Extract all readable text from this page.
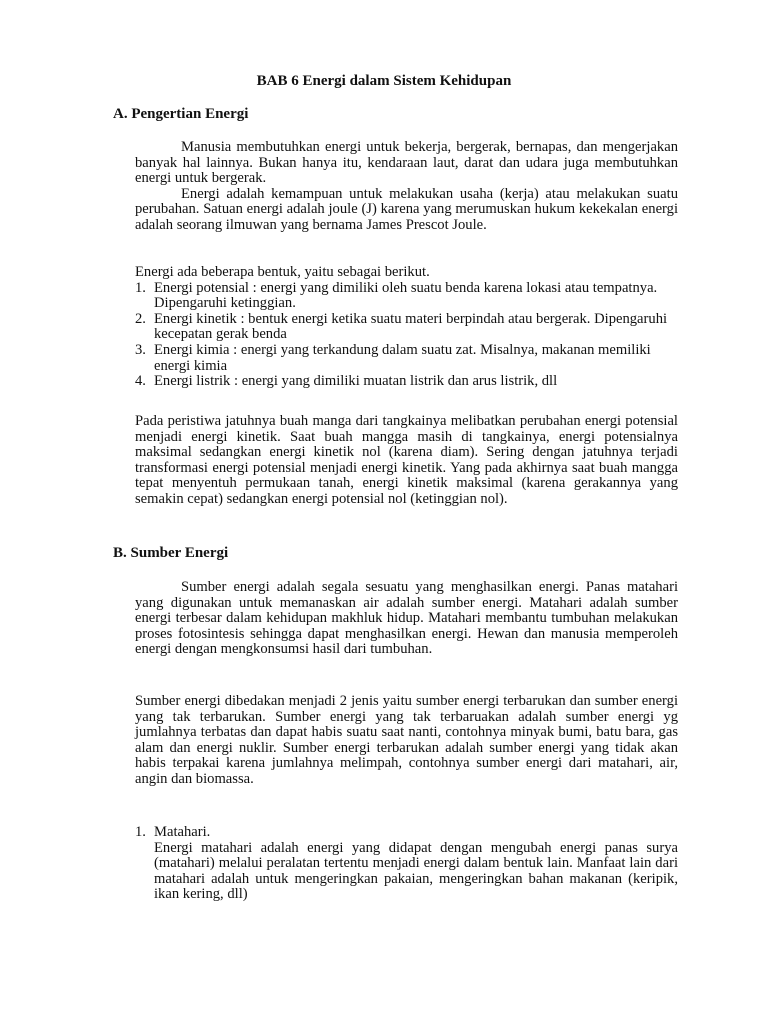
BAB 6 Energi dalam Sistem Kehidupan
A. Pengertian Energi

Manusia membutuhkan energi untuk bekerja, bergerak, bernapas, dan mengerjakan banyak hal lainnya. Bukan hanya itu, kendaraan laut, darat dan udara juga membutuhkan energi untuk bergerak.

Energi adalah kemampuan untuk melakukan usaha (kerja) atau melakukan suatu perubahan. Satuan energi adalah joule (J) karena yang merumuskan hukum kekekalan energi adalah seorang ilmuwan yang bernama James Prescot Joule.

Energi ada beberapa bentuk, yaitu sebagai berikut.

1. Energi potensial : energi yang dimiliki oleh suatu benda karena lokasi atau tempatnya. Dipengaruhi ketinggian.
2. Energi kinetik : bentuk energi ketika suatu materi berpindah atau bergerak. Dipengaruhi kecepatan gerak benda
3. Energi kimia : energi yang terkandung dalam suatu zat. Misalnya, makanan memiliki energi kimia
4. Energi listrik : energi yang dimiliki muatan listrik dan arus listrik, dll

Pada peristiwa jatuhnya buah manga dari tangkainya melibatkan perubahan energi potensial menjadi energi kinetik. Saat buah mangga masih di tangkainya, energi potensialnya maksimal sedangkan energi kinetik nol (karena diam). Sering dengan jatuhnya terjadi transformasi energi potensial menjadi energi kinetik. Yang pada akhirnya saat buah mangga tepat menyentuh permukaan tanah, energi kinetik maksimal (karena gerakannya yang semakin cepat) sedangkan energi potensial nol (ketinggian nol).

B. Sumber Energi

Sumber energi adalah segala sesuatu yang menghasilkan energi. Panas matahari yang digunakan untuk memanaskan air adalah sumber energi. Matahari adalah sumber energi terbesar dalam kehidupan makhluk hidup. Matahari membantu tumbuhan melakukan proses fotosintesis sehingga dapat menghasilkan energi. Hewan dan manusia memperoleh energi dengan mengkonsumsi hasil dari tumbuhan.

Sumber energi dibedakan menjadi 2 jenis yaitu sumber energi terbarukan dan sumber energi yang tak terbarukan. Sumber energi yang tak terbaruakan adalah sumber energi yg jumlahnya terbatas dan dapat habis suatu saat nanti, contohnya minyak bumi, batu bara, gas alam dan energi nuklir. Sumber energi terbarukan adalah sumber energi yang tidak akan habis terpakai karena jumlahnya melimpah, contohnya sumber energi dari matahari, air, angin dan biomassa.

1. Matahari.

Energi matahari adalah energi yang didapat dengan mengubah energi panas surya (matahari) melalui peralatan tertentu menjadi energi dalam bentuk lain. Manfaat lain dari matahari adalah untuk mengeringkan pakaian, mengeringkan bahan makanan (keripik, ikan kering, dll)
